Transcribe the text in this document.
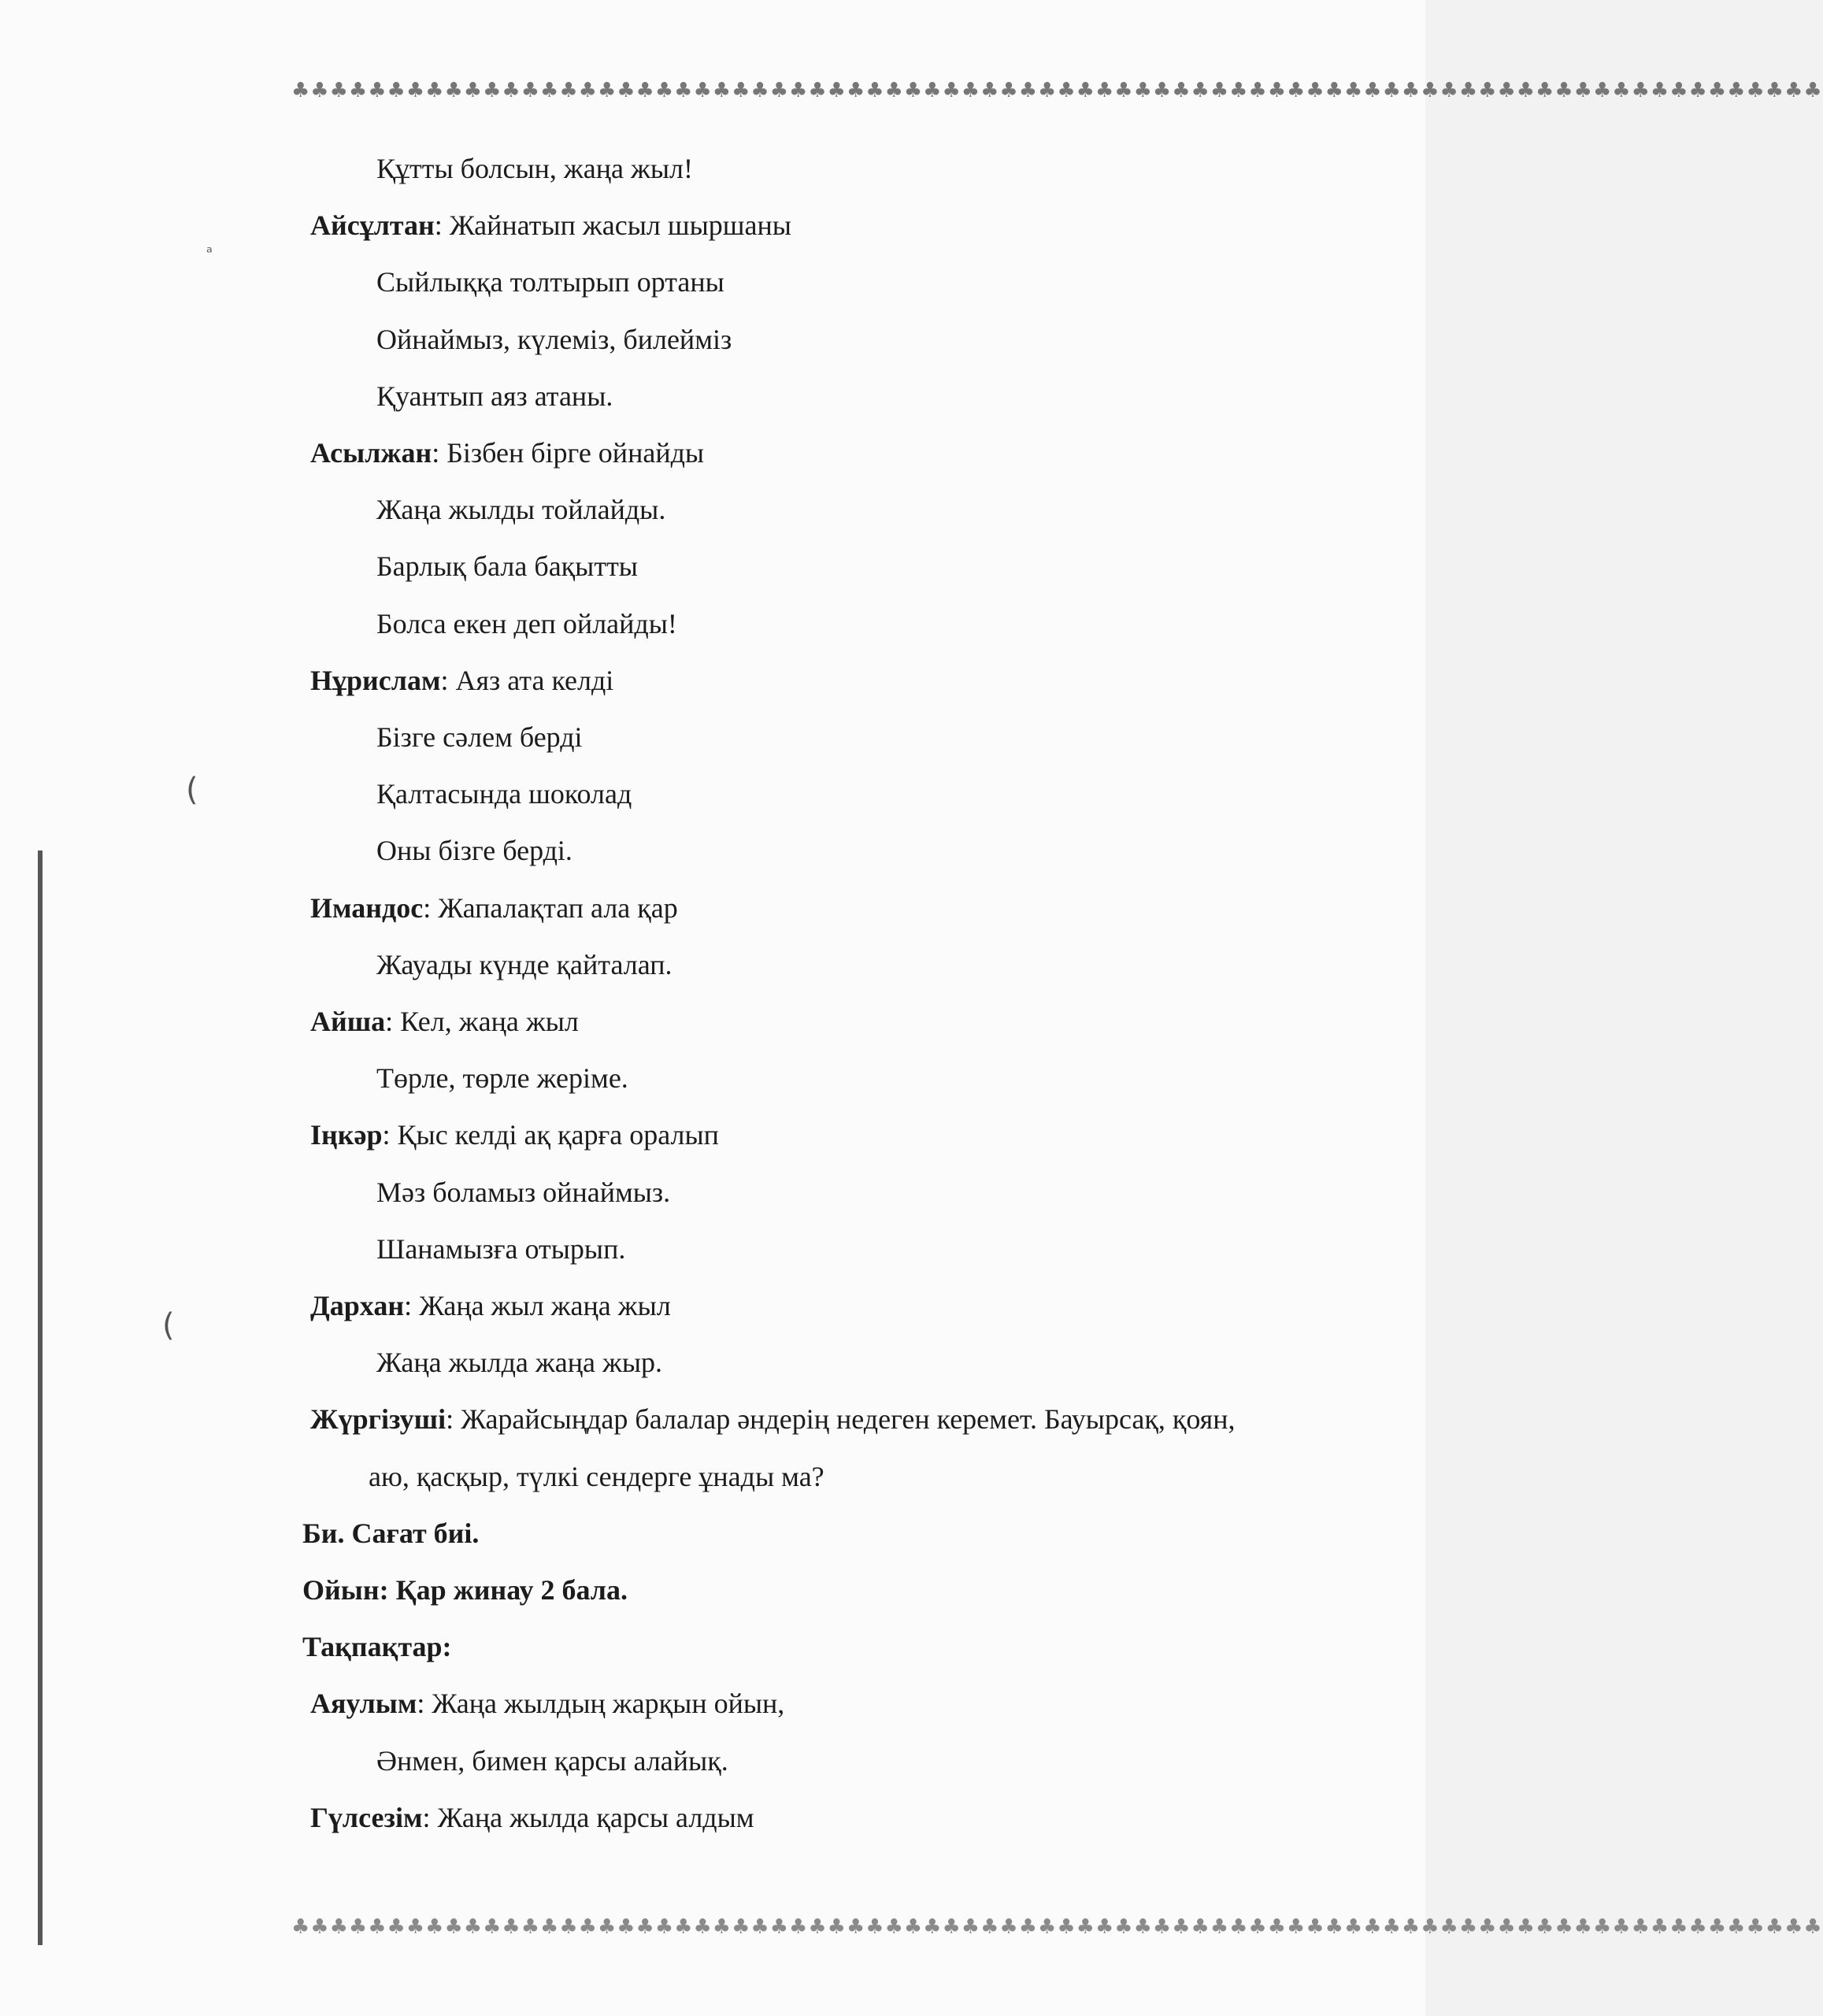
♣♣♣♣♣♣♣♣♣♣♣♣♣♣♣♣♣♣♣♣♣♣♣♣♣♣♣♣♣♣♣♣♣♣♣♣♣♣♣♣♣♣♣♣♣♣♣♣♣♣♣♣♣♣♣♣♣♣♣♣♣♣♣♣♣♣♣♣♣♣♣♣♣♣♣♣♣♣♣♣
♣♣♣♣♣♣♣♣♣♣♣♣♣♣♣♣♣♣♣♣♣♣♣♣♣♣♣♣♣♣♣♣♣♣♣♣♣♣♣♣♣♣♣♣♣♣♣♣♣♣♣♣♣♣♣♣♣♣♣♣♣♣♣♣♣♣♣♣♣♣♣♣♣♣♣♣♣♣♣♣
Құтты болсын, жаңа жыл!
Айсұлтан: Жайнатып жасыл шыршаны
Сыйлыққа толтырып ортаны
Ойнаймыз, күлеміз, билейміз
Қуантып аяз атаны.
Асылжан: Бізбен бірге ойнайды
Жаңа жылды тойлайды.
Барлық бала бақытты
Болса екен деп ойлайды!
Нұрислам: Аяз ата келді
Бізге сәлем берді
Қалтасында шоколад
Оны бізге берді.
Имандос: Жапалақтап ала қар
Жауады күнде қайталап.
Айша: Кел, жаңа жыл
Төрле, төрле жеріме.
Іңкәр: Қыс келді ақ қарға оралып
Мәз боламыз ойнаймыз.
Шанамызға отырып.
Дархан: Жаңа жыл жаңа жыл
Жаңа жылда жаңа жыр.
Жүргізуші: Жарайсыңдар балалар әндерің недеген керемет. Бауырсақ, қоян,
аю, қасқыр, түлкі сендерге ұнады ма?
Би. Сағат биі.
Ойын: Қар жинау 2 бала.
Тақпақтар:
Аяулым: Жаңа жылдың жарқын ойын,
Әнмен, бимен қарсы алайық.
Гүлсезім: Жаңа жылда қарсы алдым
ᵃ
(
(
